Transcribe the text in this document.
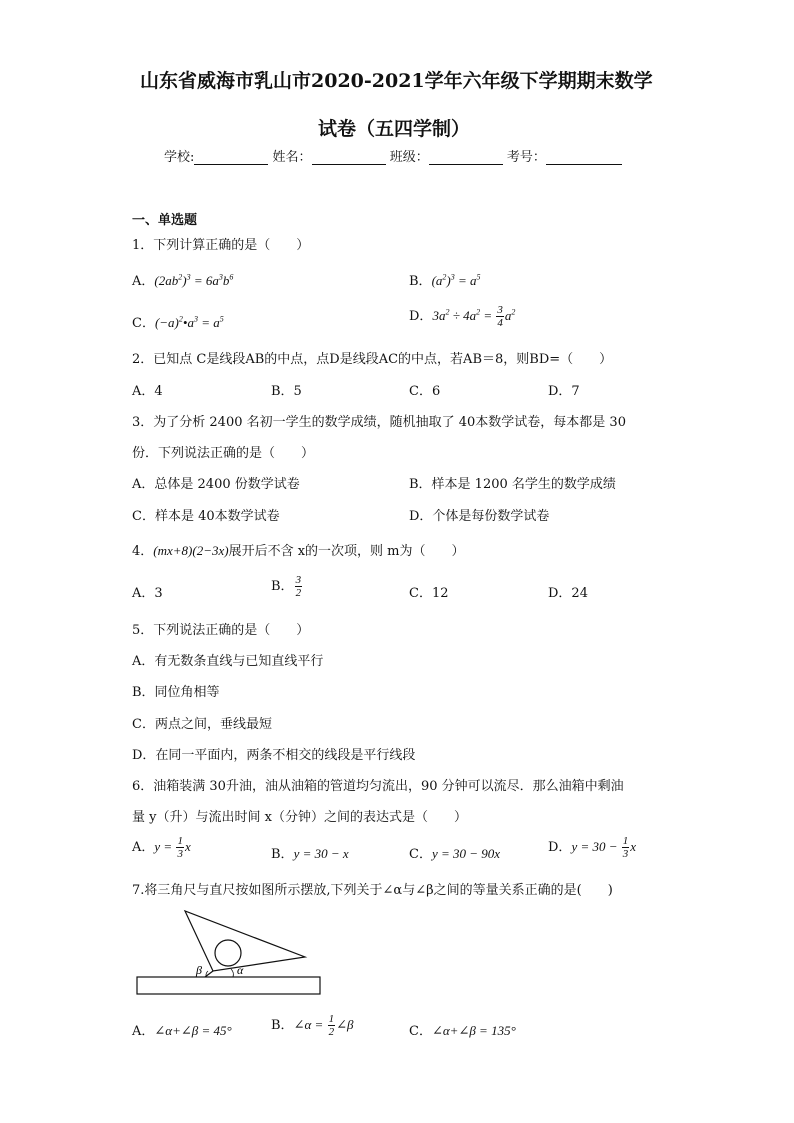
山东省威海市乳山市2020-2021学年六年级下学期期末数学
试卷（五四学制）
学校:	姓名：	班级：	考号：
一、单选题
1．下列计算正确的是（　　）
A．$(2ab^2)^3 = 6a^3b^6$	B．$(a^2)^3 = a^5$
C．$(-a)^2•a^3 = a^5$	D．$3a^2 \div 4a^2 = \frac{3}{4} a^2$
2．已知点 C是线段AB的中点，点D是线段AC的中点，若AB＝8，则BD=（　　）
A．4	B．5	C．6	D．7
3．为了分析 2400 名初一学生的数学成绩，随机抽取了 40本数学试卷，每本都是 30
份．下列说法正确的是（　　）
A．总体是 2400 份数学试卷	B．样本是 1200 名学生的数学成绩
C．样本是 40本数学试卷	D．个体是每份数学试卷
4．(mx+8)(2−3x)展开后不含 x的一次项，则 m为（　　）
A．3	B． $\frac{3}{2}$	C．12	D．24
5．下列说法正确的是（　　）
A．有无数条直线与已知直线平行
B．同位角相等
C．两点之间，垂线最短
D．在同一平面内，两条不相交的线段是平行线段
6．油箱装满 30升油，油从油箱的管道均匀流出，90 分钟可以流尽．那么油箱中剩油
量 y（升）与流出时间 x（分钟）之间的表达式是（　　）
A．$y = \frac{1}{3}$ x
B．y = 30 − x	C．y = 30 − 90x	D．$y = 30 - \frac{1}{3}$ x
7.将三角尺与直尺按如图所示摆放,下列关于∠α与∠β之间的等量关系正确的是(　　)
β	α
A．∠α+∠β = 45°	B．∠α = $\frac{1}{2}$ ∠β	C．∠α+∠β = 135°
